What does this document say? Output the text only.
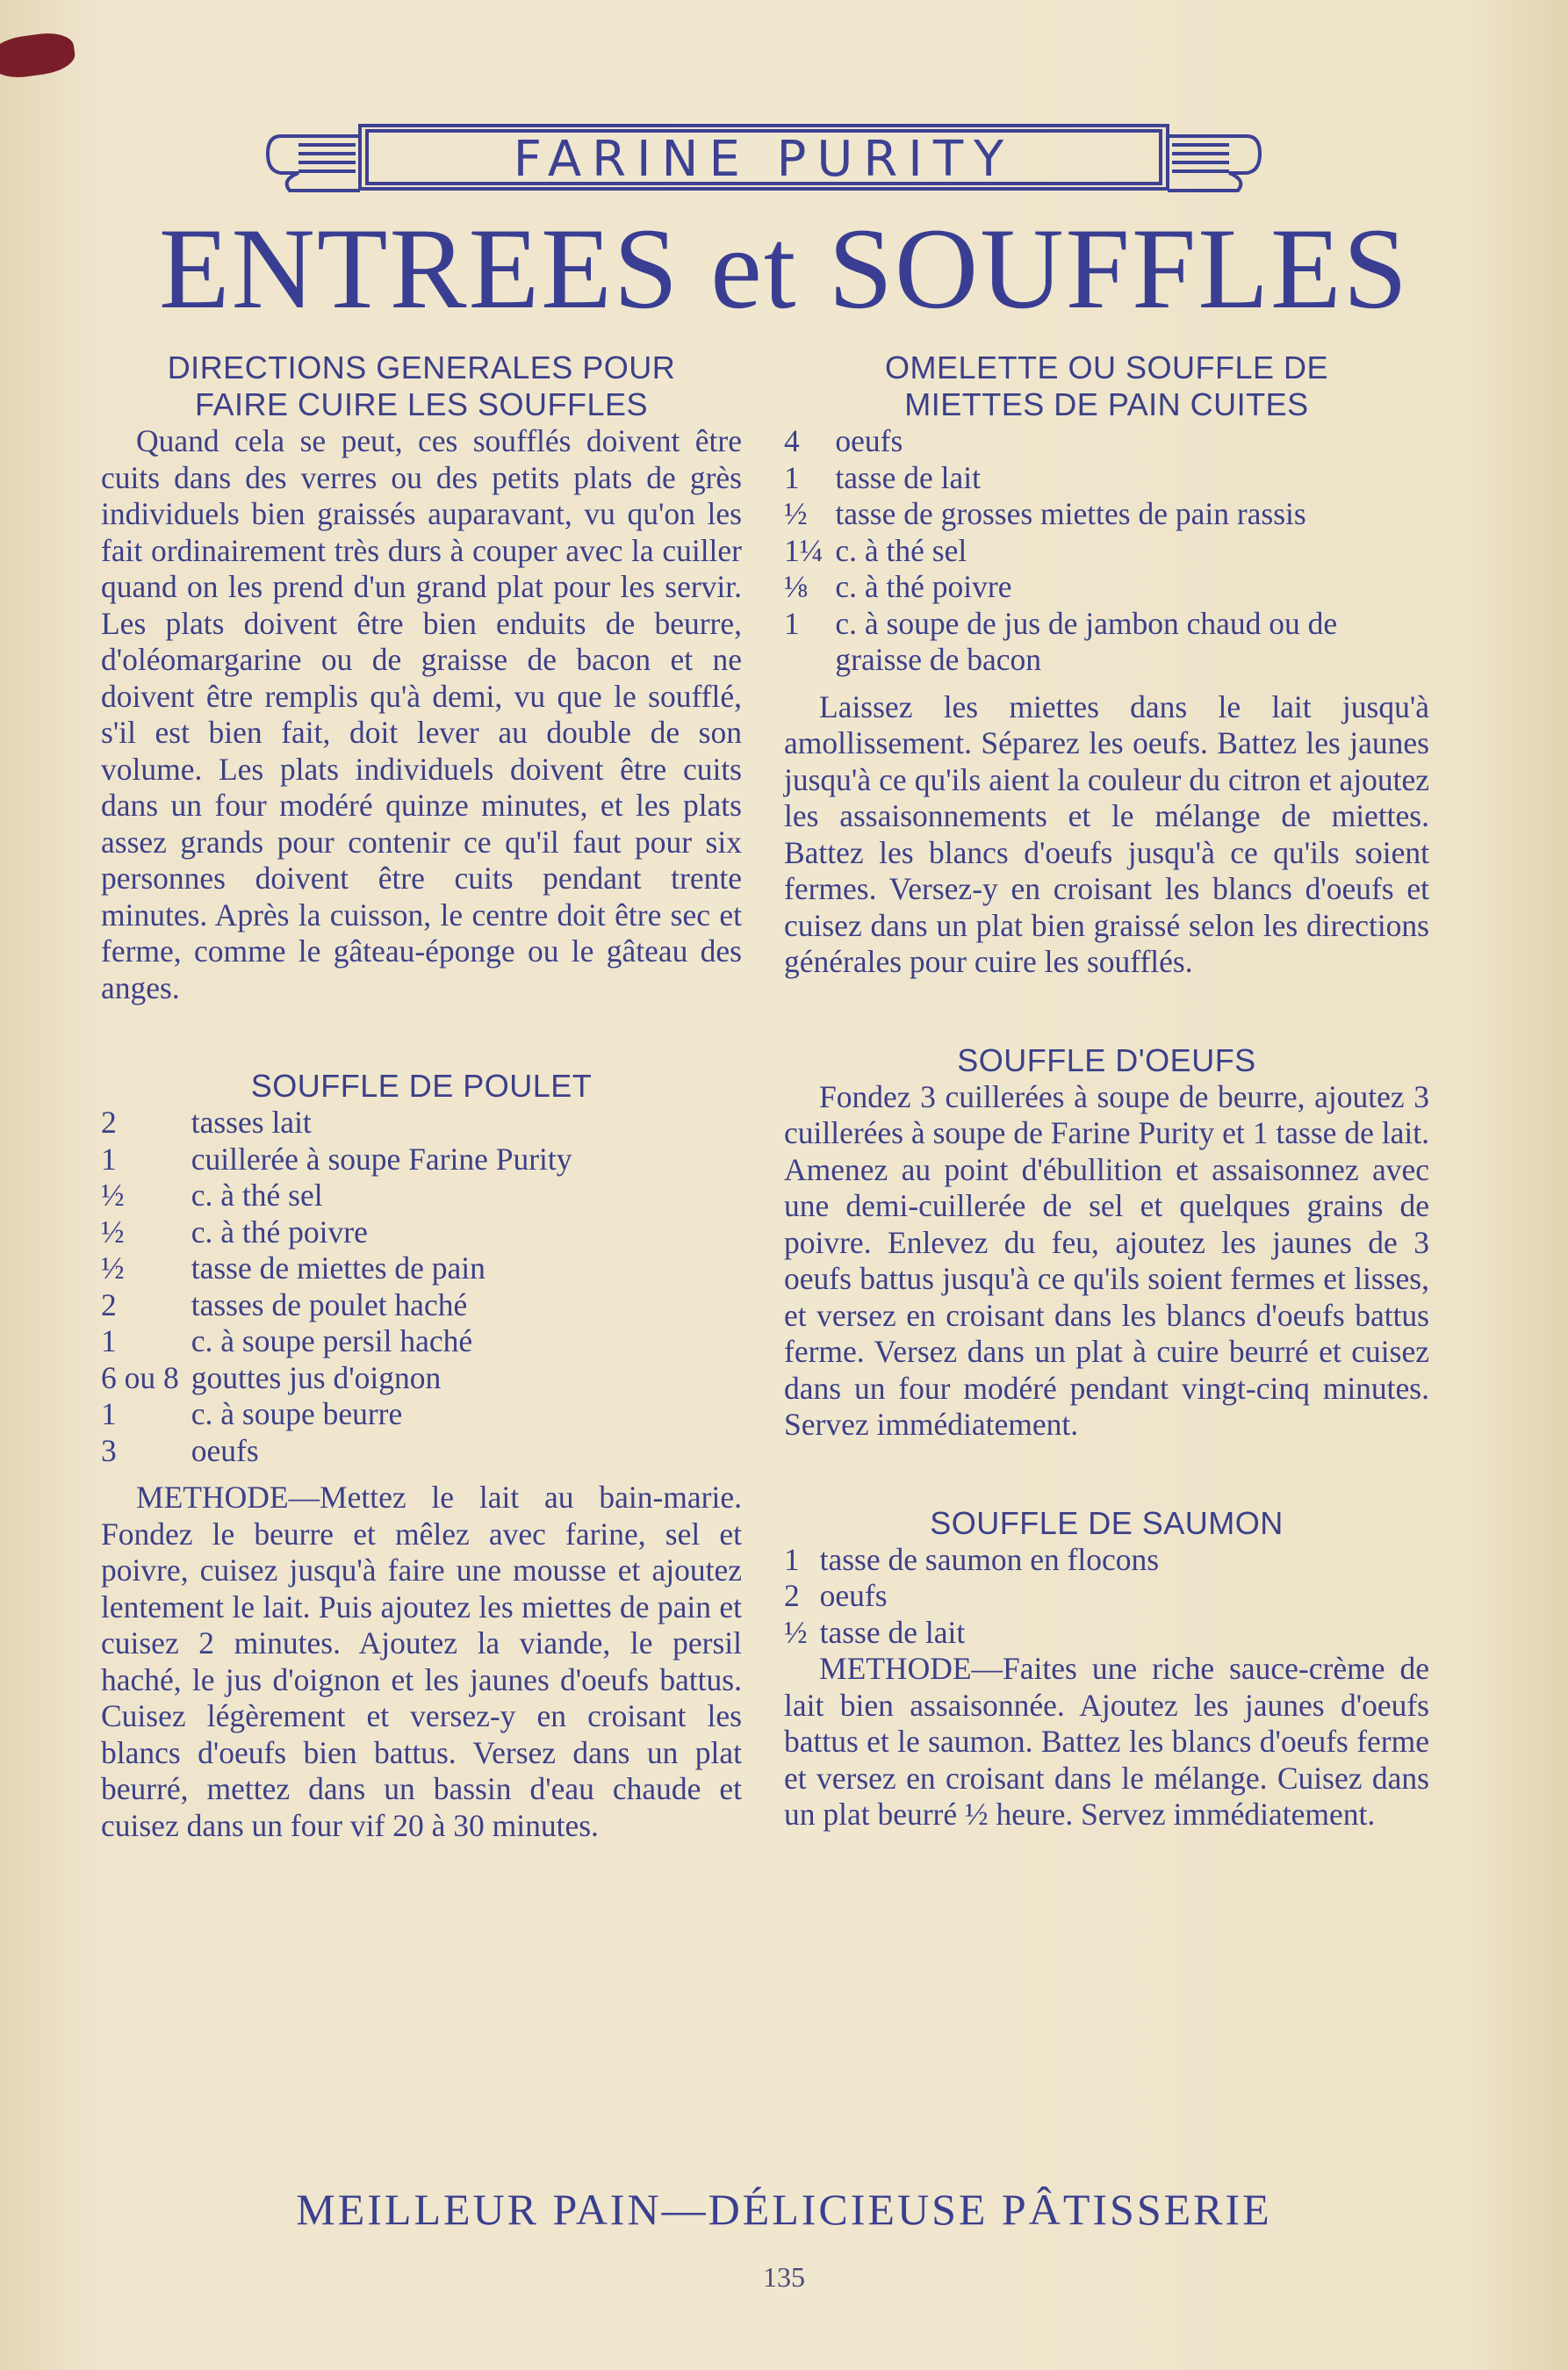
FARINE PURITY
ENTREES et SOUFFLES

DIRECTIONS GENERALES POUR
FAIRE CUIRE LES SOUFFLES

Quand cela se peut, ces soufflés doivent être cuits dans des verres ou des petits plats de grès individuels bien graissés auparavant, vu qu'on les fait ordinairement très durs à couper avec la cuiller quand on les prend d'un grand plat pour les servir. Les plats doivent être bien enduits de beurre, d'oléomargarine ou de graisse de bacon et ne doivent être remplis qu'à demi, vu que le soufflé, s'il est bien fait, doit lever au double de son volume. Les plats individuels doivent être cuits dans un four modéré quinze minutes, et les plats assez grands pour contenir ce qu'il faut pour six personnes doivent être cuits pendant trente minutes. Après la cuisson, le centre doit être sec et ferme, comme le gâteau-éponge ou le gâteau des anges.

SOUFFLE DE POULET

2	tasses lait
1	cuillerée à soupe Farine Purity
½	c. à thé sel
½	c. à thé poivre
½	tasse de miettes de pain
2	tasses de poulet haché
1	c. à soupe persil haché
6 ou 8	gouttes jus d'oignon
1	c. à soupe beurre
3	oeufs

METHODE—Mettez le lait au bain-marie. Fondez le beurre et mêlez avec farine, sel et poivre, cuisez jusqu'à faire une mousse et ajoutez lentement le lait. Puis ajoutez les miettes de pain et cuisez 2 minutes. Ajoutez la viande, le persil haché, le jus d'oignon et les jaunes d'oeufs battus. Cuisez légèrement et versez-y en croisant les blancs d'oeufs bien battus. Versez dans un plat beurré, mettez dans un bassin d'eau chaude et cuisez dans un four vif 20 à 30 minutes.

OMELETTE OU SOUFFLE DE
MIETTES DE PAIN CUITES

4	oeufs
1	tasse de lait
½	tasse de grosses miettes de pain rassis
1¼	c. à thé sel
⅛	c. à thé poivre
1	c. à soupe de jus de jambon chaud ou de graisse de bacon

Laissez les miettes dans le lait jusqu'à amollissement. Séparez les oeufs. Battez les jaunes jusqu'à ce qu'ils aient la couleur du citron et ajoutez les assaisonnements et le mélange de miettes. Battez les blancs d'oeufs jusqu'à ce qu'ils soient fermes. Versez-y en croisant les blancs d'oeufs et cuisez dans un plat bien graissé selon les directions générales pour cuire les soufflés.

SOUFFLE D'OEUFS

Fondez 3 cuillerées à soupe de beurre, ajoutez 3 cuillerées à soupe de Farine Purity et 1 tasse de lait. Amenez au point d'ébullition et assaisonnez avec une demi-cuillerée de sel et quelques grains de poivre. Enlevez du feu, ajoutez les jaunes de 3 oeufs battus jusqu'à ce qu'ils soient fermes et lisses, et versez en croisant dans les blancs d'oeufs battus ferme. Versez dans un plat à cuire beurré et cuisez dans un four modéré pendant vingt-cinq minutes. Servez immédiatement.

SOUFFLE DE SAUMON

1	tasse de saumon en flocons
2	oeufs
½	tasse de lait

METHODE—Faites une riche sauce-crème de lait bien assaisonnée. Ajoutez les jaunes d'oeufs battus et le saumon. Battez les blancs d'oeufs ferme et versez en croisant dans le mélange. Cuisez dans un plat beurré ½ heure. Servez immédiatement.

MEILLEUR PAIN—DÉLICIEUSE PÂTISSERIE
135
